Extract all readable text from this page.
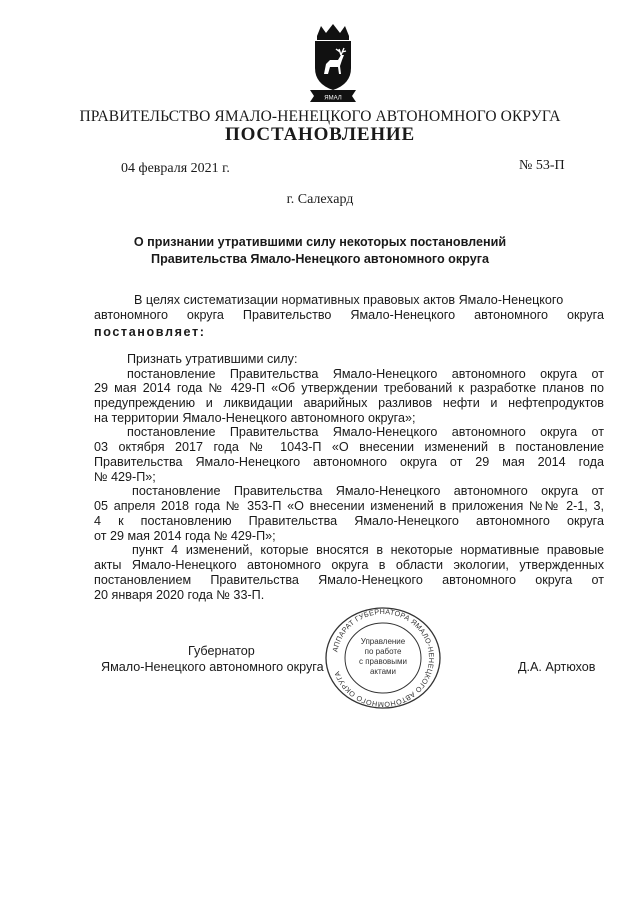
ЯМАЛ
ПРАВИТЕЛЬСТВО ЯМАЛО-НЕНЕЦКОГО АВТОНОМНОГО ОКРУГА
ПОСТАНОВЛЕНИЕ
04 февраля 2021 г.	№ 53-П
г. Салехард
О признании утратившими силу некоторых постановлений
Правительства Ямало-Ненецкого автономного округа
В целях систематизации нормативных правовых актов Ямало-Ненецкого
автономного округа Правительство Ямало-Ненецкого автономного округа
постановляет:
Признать утратившими силу:
постановление Правительства Ямало-Ненецкого автономного округа от
29 мая 2014 года № 429-П «Об утверждении требований к разработке планов по
предупреждению и ликвидации аварийных разливов нефти и нефтепродуктов
на территории Ямало-Ненецкого автономного округа»;
постановление Правительства Ямало-Ненецкого автономного округа от
03 октября 2017 года № 1043-П «О внесении изменений в постановление
Правительства Ямало-Ненецкого автономного округа от 29 мая 2014 года
№ 429-П»;
постановление Правительства Ямало-Ненецкого автономного округа от
05 апреля 2018 года № 353-П «О внесении изменений в приложения №№ 2-1, 3,
4 к постановлению Правительства Ямало-Ненецкого автономного округа
от 29 мая 2014 года № 429-П»;
пункт 4 изменений, которые вносятся в некоторые нормативные правовые
акты Ямало-Ненецкого автономного округа в области экологии, утвержденных
постановлением Правительства Ямало-Ненецкого автономного округа от
20 января 2020 года № 33-П.
Губернатор
Ямало-Ненецкого автономного округа	Д.А. Артюхов
АППАРАТ ГУБЕРНАТОРА ЯМАЛО-НЕНЕЦКОГО АВТОНОМНОГО ОКРУГА
Управление
по работе
с правовыми
актами
